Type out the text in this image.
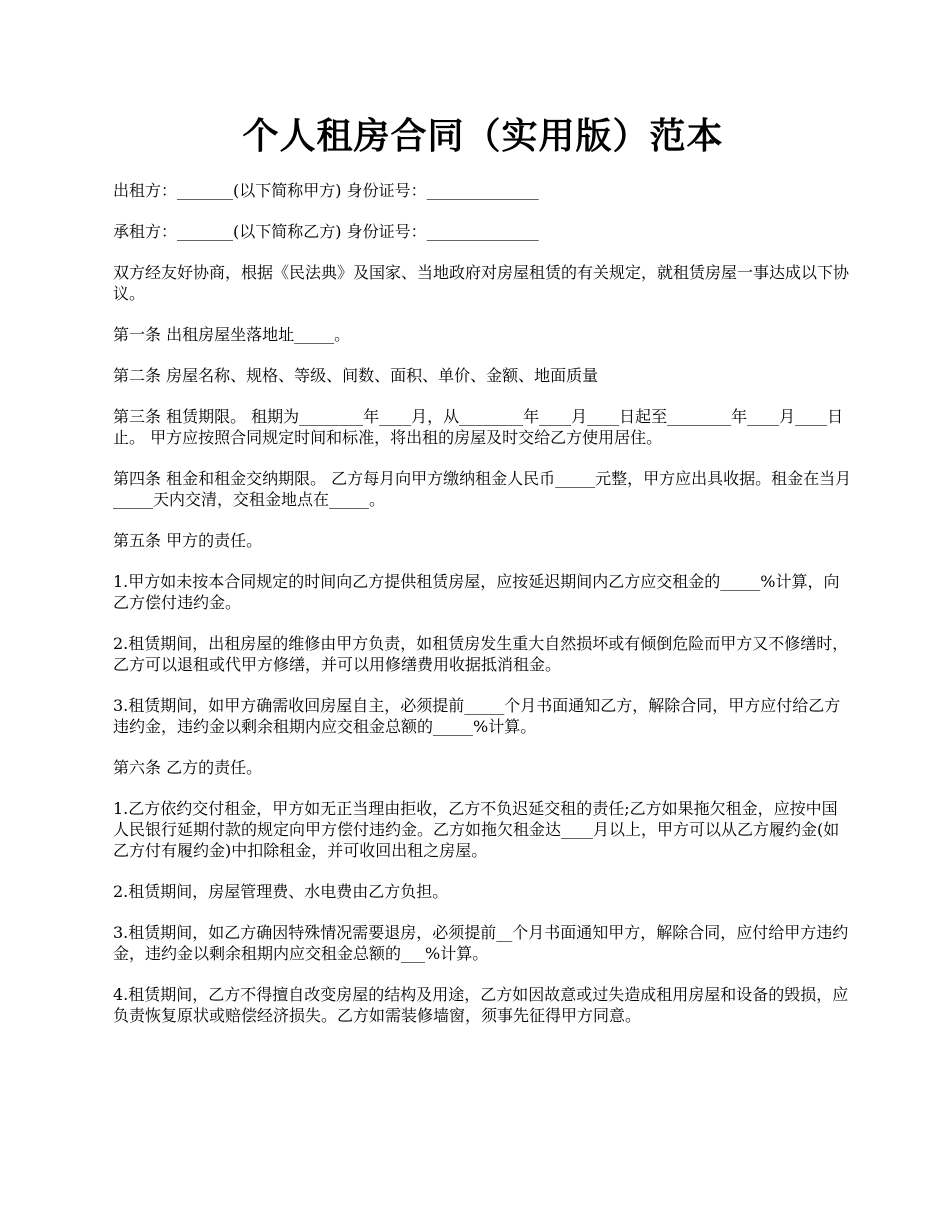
个人租房合同（实用版）范本

出租方：_______(以下简称甲方) 身份证号：______________

承租方：_______(以下简称乙方) 身份证号：______________

双方经友好协商，根据《民法典》及国家、当地政府对房屋租赁的有关规定，就租赁房屋一事达成以下协议。

第一条 出租房屋坐落地址_____。

第二条 房屋名称、规格、等级、间数、面积、单价、金额、地面质量

第三条 租赁期限。 租期为________年____月，从________年____月____日起至________年____月____日止。 甲方应按照合同规定时间和标准，将出租的房屋及时交给乙方使用居住。

第四条 租金和租金交纳期限。 乙方每月向甲方缴纳租金人民币_____元整，甲方应出具收据。租金在当月_____天内交清，交租金地点在_____。

第五条 甲方的责任。

1.甲方如未按本合同规定的时间向乙方提供租赁房屋，应按延迟期间内乙方应交租金的_____%计算，向乙方偿付违约金。

2.租赁期间，出租房屋的维修由甲方负责，如租赁房发生重大自然损坏或有倾倒危险而甲方又不修缮时，乙方可以退租或代甲方修缮，并可以用修缮费用收据抵消租金。

3.租赁期间，如甲方确需收回房屋自主，必须提前_____个月书面通知乙方，解除合同，甲方应付给乙方违约金，违约金以剩余租期内应交租金总额的_____%计算。

第六条 乙方的责任。

1.乙方依约交付租金，甲方如无正当理由拒收，乙方不负迟延交租的责任;乙方如果拖欠租金，应按中国人民银行延期付款的规定向甲方偿付违约金。乙方如拖欠租金达____月以上，甲方可以从乙方履约金(如乙方付有履约金)中扣除租金，并可收回出租之房屋。

2.租赁期间，房屋管理费、水电费由乙方负担。

3.租赁期间，如乙方确因特殊情况需要退房，必须提前__个月书面通知甲方，解除合同，应付给甲方违约金，违约金以剩余租期内应交租金总额的___%计算。

4.租赁期间，乙方不得擅自改变房屋的结构及用途，乙方如因故意或过失造成租用房屋和设备的毁损，应负责恢复原状或赔偿经济损失。乙方如需装修墙窗，须事先征得甲方同意。
